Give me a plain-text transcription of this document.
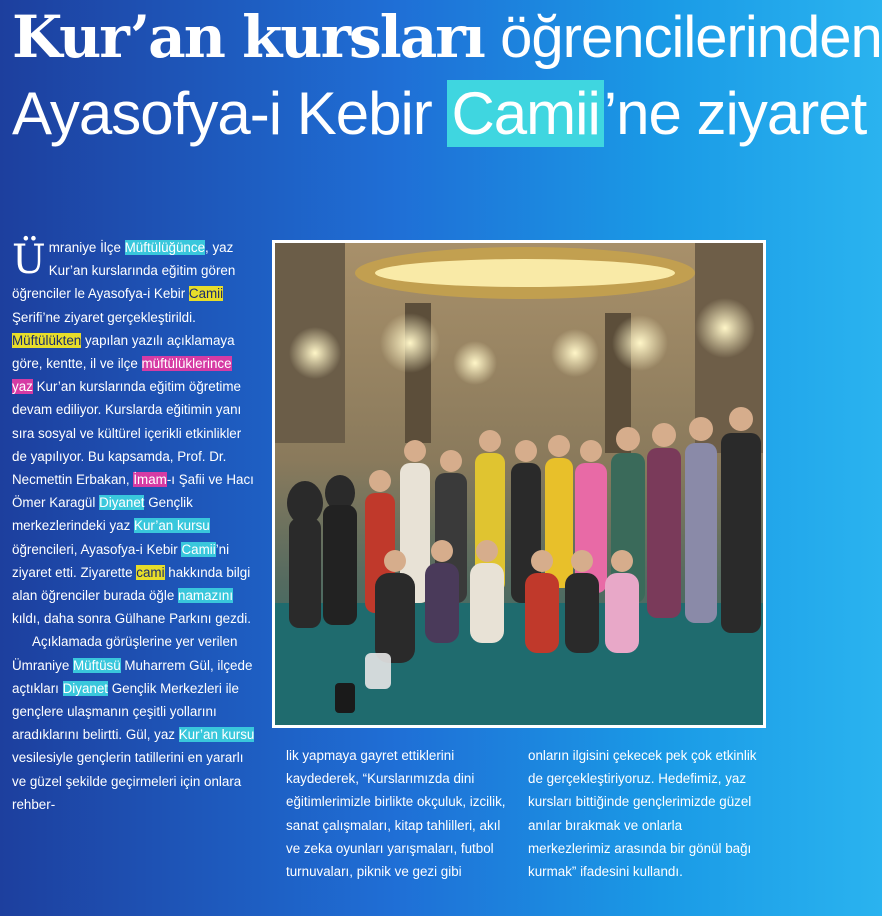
Kur’an kursları öğrencilerinden
Ayasofya-i Kebir Camii’ne ziyaret

Ümraniye İlçe Müftülüğünce, yaz Kur’an kurslarında eğitim gören öğrenciler le Ayasofya-i Kebir Camii Şerifi’ne ziyaret gerçekleştirildi. Müftülükten yapılan yazılı açıklamaya göre, kentte, il ve ilçe müftülüklerince yaz Kur’an kurslarında eğitim öğretime devam ediliyor. Kurslarda eğitimin yanı sıra sosyal ve kültürel içerikli etkinlikler de yapılıyor. Bu kapsamda, Prof. Dr. Necmettin Erbakan, İmam-ı Şafii ve Hacı Ömer Karagül Diyanet Gençlik merkezlerindeki yaz Kur’an kursu öğrencileri, Ayasofya-i Kebir Camii’ni ziyaret etti. Ziyarette cami hakkında bilgi alan öğrenciler burada öğle namazını kıldı, daha sonra Gülhane Parkını gezdi.

Açıklamada görüşlerine yer verilen Ümraniye Müftüsü Muharrem Gül, ilçede açtıkları Diyanet Gençlik Merkezleri ile gençlere ulaşmanın çeşitli yollarını aradıklarını belirtti. Gül, yaz Kur’an kursu vesilesiyle gençlerin tatillerini en yararlı ve güzel şekilde geçirmeleri için onlara rehber-

lik yapmaya gayret ettiklerini kaydederek, “Kurslarımızda dini eğitimlerimizle birlikte okçuluk, izcilik, sanat çalışmaları, kitap tahlilleri, akıl ve zeka oyunları yarışmaları, futbol turnuvaları, piknik ve gezi gibi

onların ilgisini çekecek pek çok etkinlik de gerçekleştiriyoruz. Hedefimiz, yaz kursları bittiğinde gençlerimizde güzel anılar bırakmak ve onlarla merkezlerimiz arasında bir gönül bağı kurmak” ifadesini kullandı.
